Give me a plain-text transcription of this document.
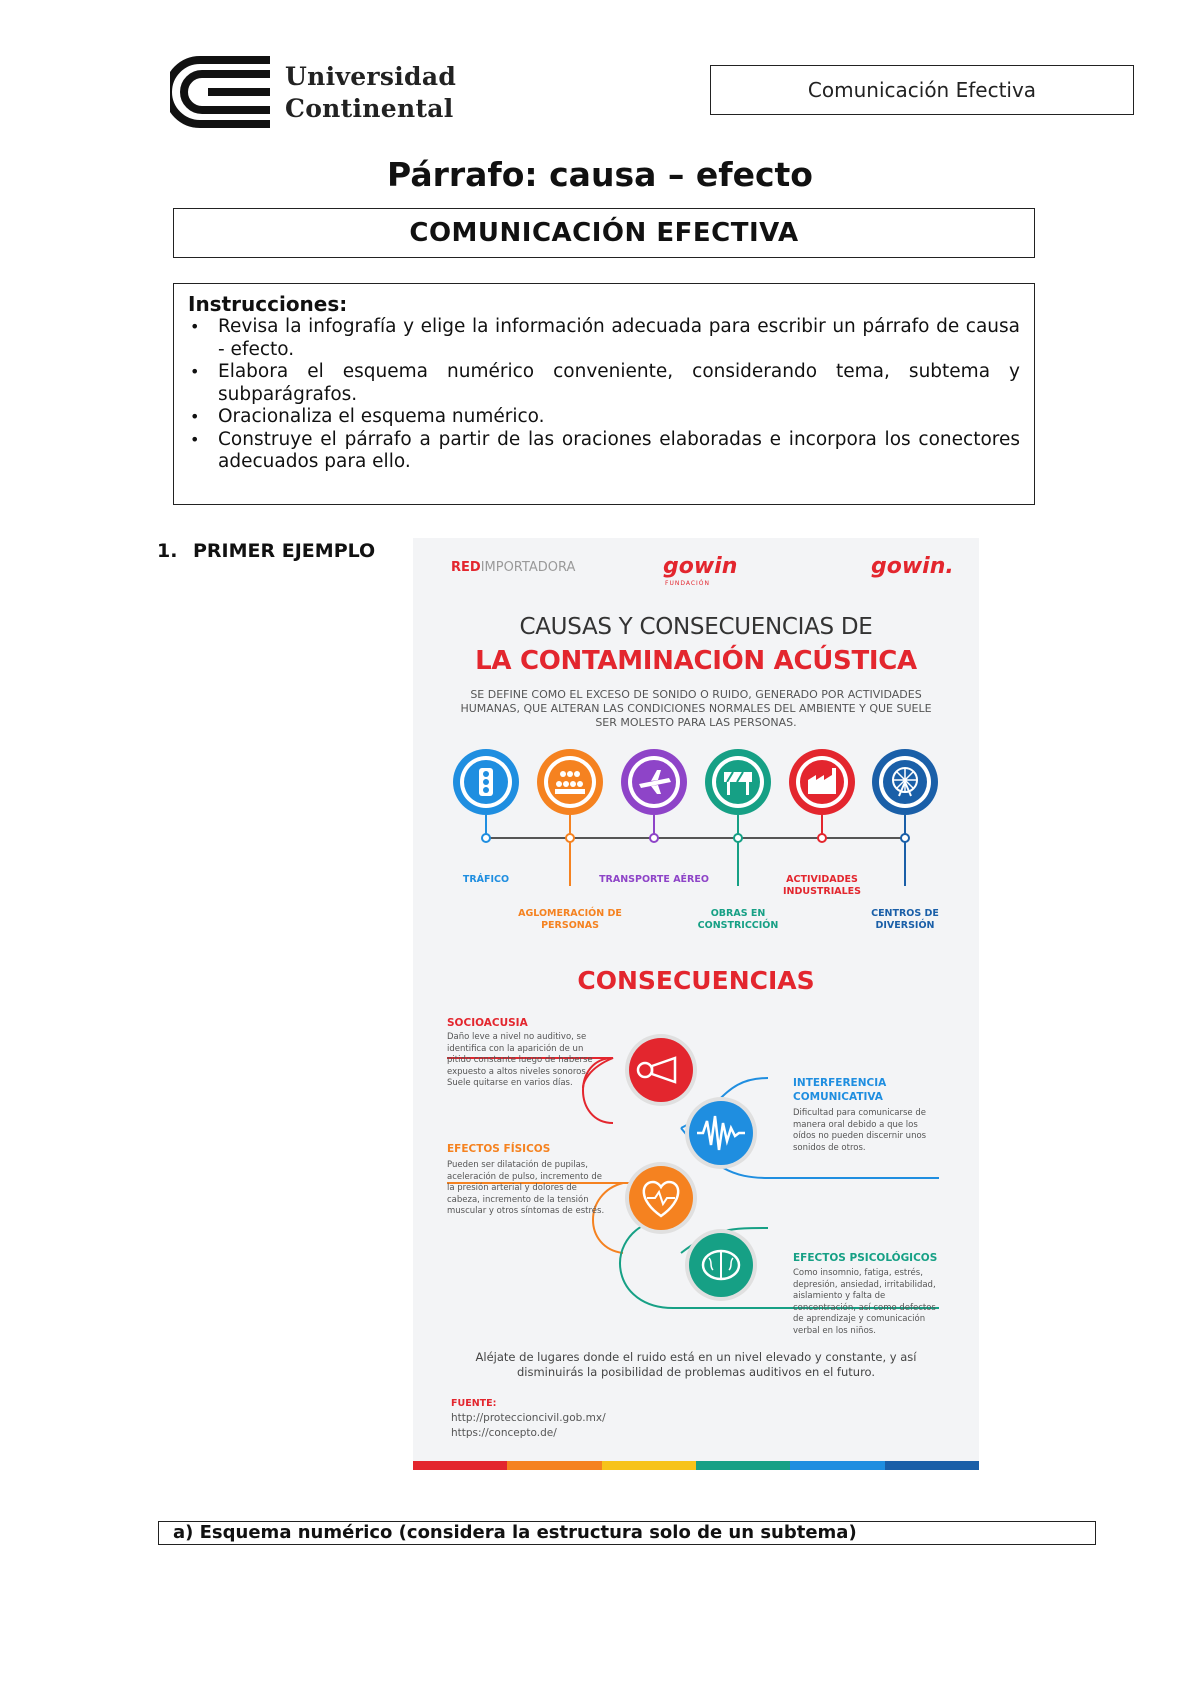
Universidad
Continental
Comunicación Efectiva
Párrafo: causa – efecto
COMUNICACIÓN EFECTIVA
Instrucciones:
• Revisa la infografía y elige la información adecuada para escribir un párrafo de causa - efecto.
• Elabora el esquema numérico conveniente, considerando tema, subtema y subparágrafos.
• Oracionaliza el esquema numérico.
• Construye el párrafo a partir de las oraciones elaboradas e incorpora los conectores adecuados para ello.
1. PRIMER EJEMPLO
REDIMPORTADORA	gowin
FUNDACIÓN
gowin.
CAUSAS Y CONSECUENCIAS DE
LA CONTAMINACIÓN ACÚSTICA
SE DEFINE COMO EL EXCESO DE SONIDO O RUIDO, GENERADO POR ACTIVIDADES HUMANAS, QUE ALTERAN LAS CONDICIONES NORMALES DEL AMBIENTE Y QUE SUELE SER MOLESTO PARA LAS PERSONAS.
TRÁFICO
AGLOMERACIÓN DE PERSONAS
TRANSPORTE AÉREO
OBRAS EN CONSTRICCIÓN
ACTIVIDADES INDUSTRIALES
CENTROS DE DIVERSIÓN
CONSECUENCIAS
SOCIOACUSIA
Daño leve a nivel no auditivo, se identifica con la aparición de un pitido constante luego de haberse expuesto a altos niveles sonoros. Suele quitarse en varios días.	INTERFERENCIA COMUNICATIVA
Dificultad para comunicarse de manera oral debido a que los oídos no pueden discernir unos sonidos de otros.
EFECTOS FÍSICOS
Pueden ser dilatación de pupilas, aceleración de pulso, incremento de la presión arterial y dolores de cabeza, incremento de la tensión muscular y otros síntomas de estrés.
EFECTOS PSICOLÓGICOS
Como insomnio, fatiga, estrés, depresión, ansiedad, irritabilidad, aislamiento y falta de concentración, así como defectos de aprendizaje y comunicación verbal en los niños.
Aléjate de lugares donde el ruido está en un nivel elevado y constante, y así disminuirás la posibilidad de problemas auditivos en el futuro.
FUENTE:
http://proteccioncivil.gob.mx/
https://concepto.de/
a) Esquema numérico (considera la estructura solo de un subtema)
